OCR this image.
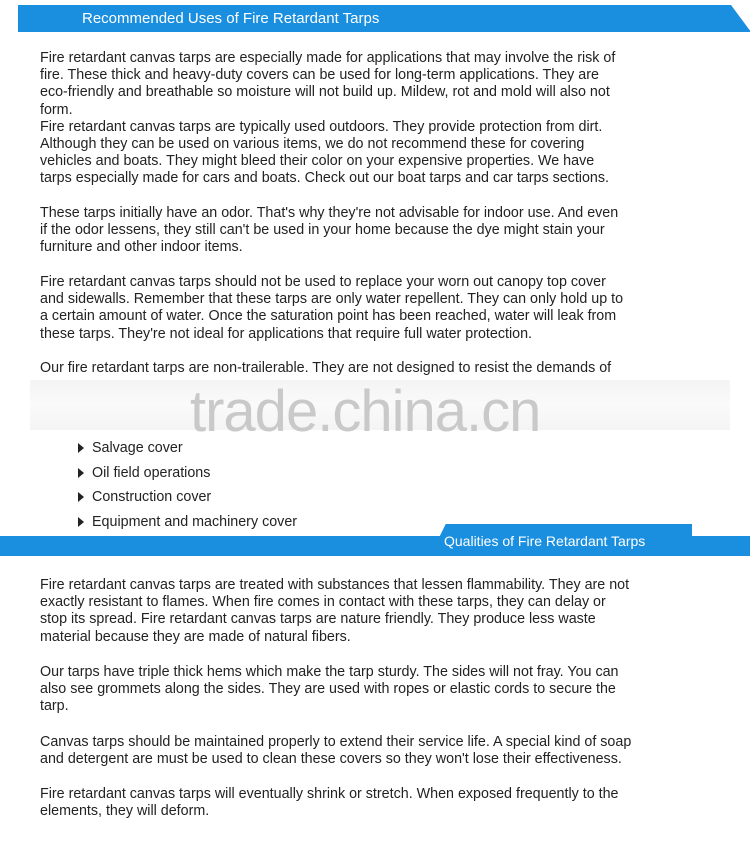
Recommended Uses of Fire Retardant Tarps

Fire retardant canvas tarps are especially made for applications that may involve the risk of
fire. These thick and heavy-duty covers can be used for long-term applications. They are
eco-friendly and breathable so moisture will not build up. Mildew, rot and mold will also not
form.
Fire retardant canvas tarps are typically used outdoors. They provide protection from dirt.
Although they can be used on various items, we do not recommend these for covering
vehicles and boats. They might bleed their color on your expensive properties. We have
tarps especially made for cars and boats. Check out our boat tarps and car tarps sections.

These tarps initially have an odor. That's why they're not advisable for indoor use. And even
if the odor lessens, they still can't be used in your home because the dye might stain your
furniture and other indoor items.

Fire retardant canvas tarps should not be used to replace your worn out canopy top cover
and sidewalls. Remember that these tarps are only water repellent. They can only hold up to
a certain amount of water. Once the saturation point has been reached, water will leak from
these tarps. They're not ideal for applications that require full water protection.

Our fire retardant tarps are non-trailerable. They are not designed to resist the demands of

trade.china.cn
Salvage cover
Oil field operations
Construction cover
Equipment and machinery cover
Qualities of Fire Retardant Tarps

Fire retardant canvas tarps are treated with substances that lessen flammability. They are not
exactly resistant to flames. When fire comes in contact with these tarps, they can delay or
stop its spread. Fire retardant canvas tarps are nature friendly. They produce less waste
material because they are made of natural fibers.

Our tarps have triple thick hems which make the tarp sturdy. The sides will not fray. You can
also see grommets along the sides. They are used with ropes or elastic cords to secure the
tarp.

Canvas tarps should be maintained properly to extend their service life. A special kind of soap
and detergent are must be used to clean these covers so they won't lose their effectiveness.

Fire retardant canvas tarps will eventually shrink or stretch. When exposed frequently to the
elements, they will deform.
